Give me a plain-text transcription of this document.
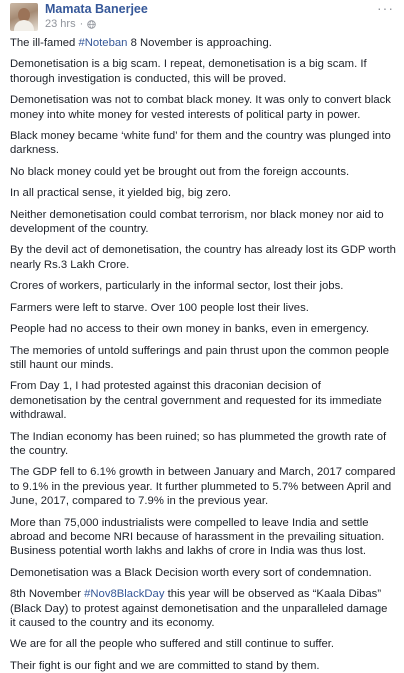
Mamata Banerjee
23 hrs ·
···

The ill-famed #Noteban 8 November is approaching.

Demonetisation is a big scam. I repeat, demonetisation is a big scam. If thorough investigation is conducted, this will be proved.

Demonetisation was not to combat black money. It was only to convert black money into white money for vested interests of political party in power.

Black money became ‘white fund’ for them and the country was plunged into darkness.

No black money could yet be brought out from the foreign accounts.

In all practical sense, it yielded big, big zero.

Neither demonetisation could combat terrorism, nor black money nor aid to development of the country.

By the devil act of demonetisation, the country has already lost its GDP worth nearly Rs.3 Lakh Crore.

Crores of workers, particularly in the informal sector, lost their jobs.

Farmers were left to starve. Over 100 people lost their lives.

People had no access to their own money in banks, even in emergency.

The memories of untold sufferings and pain thrust upon the common people still haunt our minds.

From Day 1, I had protested against this draconian decision of demonetisation by the central government and requested for its immediate withdrawal.

The Indian economy has been ruined; so has plummeted the growth rate of the country.

The GDP fell to 6.1% growth in between January and March, 2017 compared to 9.1% in the previous year. It further plummeted to 5.7% between April and June, 2017, compared to 7.9% in the previous year.

More than 75,000 industrialists were compelled to leave India and settle abroad and become NRI because of harassment in the prevailing situation. Business potential worth lakhs and lakhs of crore in India was thus lost.

Demonetisation was a Black Decision worth every sort of condemnation.

8th November #Nov8BlackDay this year will be observed as “Kaala Dibas” (Black Day) to protest against demonetisation and the unparalleled damage it caused to the country and its economy.

We are for all the people who suffered and still continue to suffer.

Their fight is our fight and we are committed to stand by them.
